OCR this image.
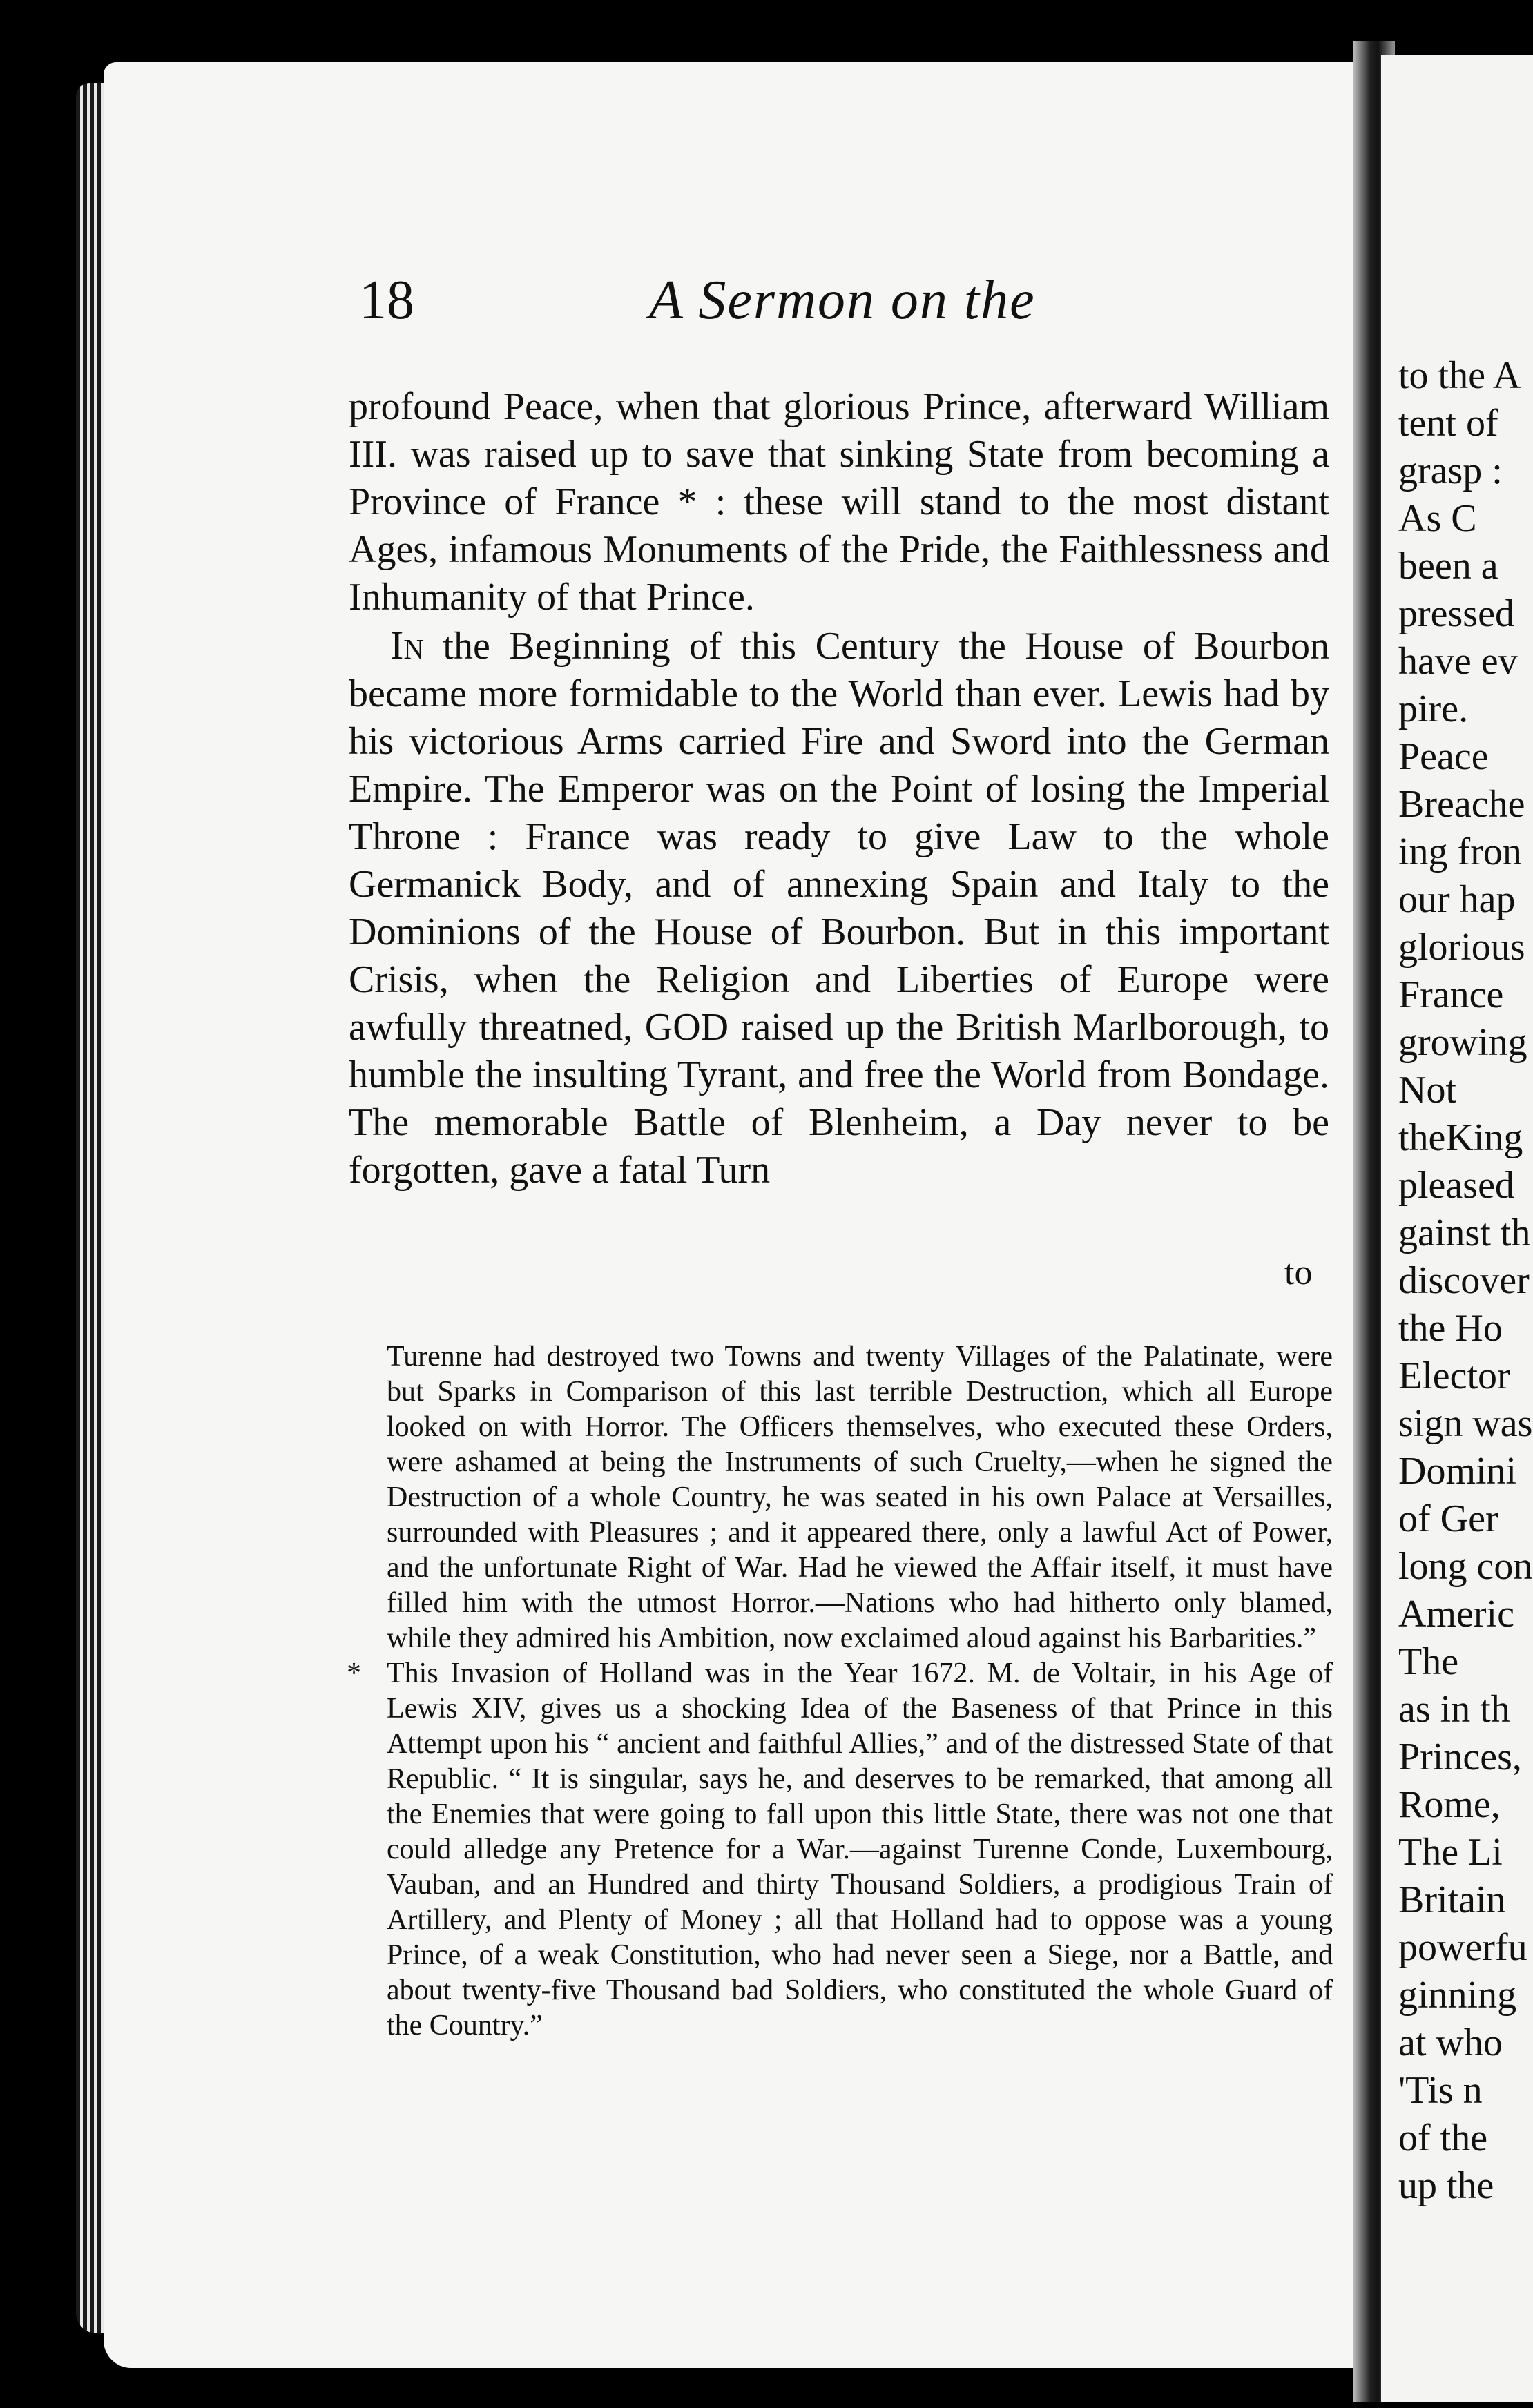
18	A Sermon on the

profound Peace, when that glorious Prince, afterward William III. was raised up to save that sinking State from becoming a Province of France * : these will stand to the most distant Ages, infamous Monuments of the Pride, the Faithlessness and Inhumanity of that Prince.

In the Beginning of this Century the House of Bourbon became more formidable to the World than ever. Lewis had by his victorious Arms carried Fire and Sword into the German Empire. The Emperor was on the Point of losing the Imperial Throne : France was ready to give Law to the whole Germanick Body, and of annexing Spain and Italy to the Dominions of the House of Bourbon. But in this important Crisis, when the Religion and Liberties of Europe were awfully threatned, GOD raised up the British Marlborough, to humble the insulting Tyrant, and free the World from Bondage. The memorable Battle of Blenheim, a Day never to be forgotten, gave a fatal Turn

to

Turenne had destroyed two Towns and twenty Villages of the Palatinate, were but Sparks in Comparison of this last terrible Destruction, which all Europe looked on with Horror. The Officers themselves, who executed these Orders, were ashamed at being the Instruments of such Cruelty,—when he signed the Destruction of a whole Country, he was seated in his own Palace at Versailles, surrounded with Pleasures ; and it appeared there, only a lawful Act of Power, and the unfortunate Right of War. Had he viewed the Affair itself, it must have filled him with the utmost Horror.—Nations who had hitherto only blamed, while they admired his Ambition, now exclaimed aloud against his Barbarities.”

* This Invasion of Holland was in the Year 1672. M. de Voltair, in his Age of Lewis XIV, gives us a shocking Idea of the Baseness of that Prince in this Attempt upon his “ ancient and faithful Allies,” and of the distressed State of that Republic. “ It is singular, says he, and deserves to be remarked, that among all the Enemies that were going to fall upon this little State, there was not one that could alledge any Pretence for a War.—against Turenne Conde, Luxembourg, Vauban, and an Hundred and thirty Thousand Soldiers, a prodigious Train of Artillery, and Plenty of Money ; all that Holland had to oppose was a young Prince, of a weak Constitution, who had never seen a Siege, nor a Battle, and about twenty-five Thousand bad Soldiers, who constituted the whole Guard of the Country.”

to the A
tent of
grasp :
As C
been a
pressed
have ev
pire.
Peace
Breache
ing fron
our hap
glorious
France
growing
Not
theKing
pleased
gainst th
discover
the Ho
Elector
sign was
Domini
of Ger
long con
Americ
The
as in th
Princes,
Rome,
The Li
Britain
powerfu
ginning
at who
'Tis n
of the
up the
